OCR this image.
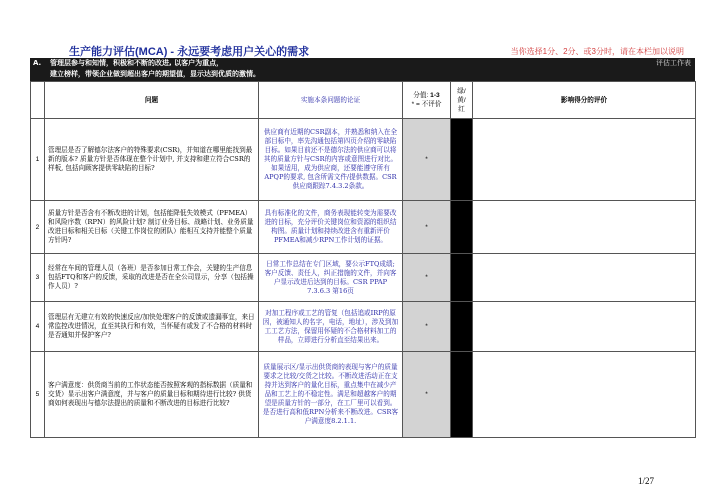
生产能力评估(MCA) - 永远要考虑用户关心的需求	当你选择1分、2分、或3分时，请在本栏加以说明
A. 管理层参与和知情，积极和不断的改进, 以客户为重点，	评估工作表
建立榜样，带领企业做到超出客户的期望值，显示达到优质的激情。
	问题	实施本条问题的论证	分值: 1-3
* = 不评价	绿/黄/红	影响得分的评价
1	管理层是否了解德尔法客户的特殊要求(CSR)，并知道在哪里能找到最新的版本? 质量方针是否体现在整个计划中, 并支持和建立符合CSR的样板, 包括向顾客提供零缺陷的目标?	供应商有近期的CSR副本，并熟悉和纳入在全部目标中，率先沟通包括第四页介绍的零缺陷目标。如果目前还不是德尔法的供应商可以将其的质量方针与CSR的内容或意图进行对比。如果适用，成为供应商，还要能遵守所有APQP的要求, 包含所需文件/提供数据。CSR供应商跟踪7.4.3.2条款。	*		
2	质量方针是否含有不断改进的计划，包括能降低失效模式（PFMEA）和风险序数（RPN）的风险计划? 制订业务目标、战略计划、业务质量改进目标和相关目标（关键工作岗位的团队）能相互支持并能整个质量方针吗?	具有标准化的文件，商务表现能转变为需要改进的目标，充分评价关键岗位和资源的组织结构图。质量计划和持续改进含有重新评价PFMEA和减少RPN工作计划的证据。	*		
3	经常在车间的管理人员（各班）是否参加日常工作会，关键的生产信息包括FTQ和客户的反馈，采取的改进是否在全公司显示，分享（包括操作人员）?	日常工作总结在专门区域，要公示FTQ成绩; 客户反馈、责任人，纠正措施的文件，并向客户显示改进后达到的目标。CSR PPAP 7.3.6.3 第16页	*		
4	管理层有无建立有效的快速反应/加快处理客户的反馈或遗漏事宜，来日常监控改进情况，直至其执行和有效，当怀疑有或发了不合格的材料时是否通知并保护客户?	对加工程序或工艺的管复（包括追或IRP的原因，被通知人的名字，电话，地址），涉及到加工工艺方法，保留用怀疑的不合格材料加工的样品，立即进行分析直至结果出来。	*		
5	客户满意度：供货商当前的工作状态能否按照客观的指标数据（质量和交货）显示出客户满意度，并与客户的质量目标和期待进行比较? 供货商如何表现出与德尔法提出的质量和不断改进的目标进行比较?	质量展示区/显示出供货商的表现与客户的质量要求之比较/交货之比较。不断改进活动正在支持并达到客户的量化目标，重点集中在减少产品和工艺上的不稳定性。满足和超越客户的期望是质量方针的一部分，在工厂里可以看到。是否进行高和低RPN分析来不断改进。CSR客户满意度8.2.1.1.	*		
1/27
